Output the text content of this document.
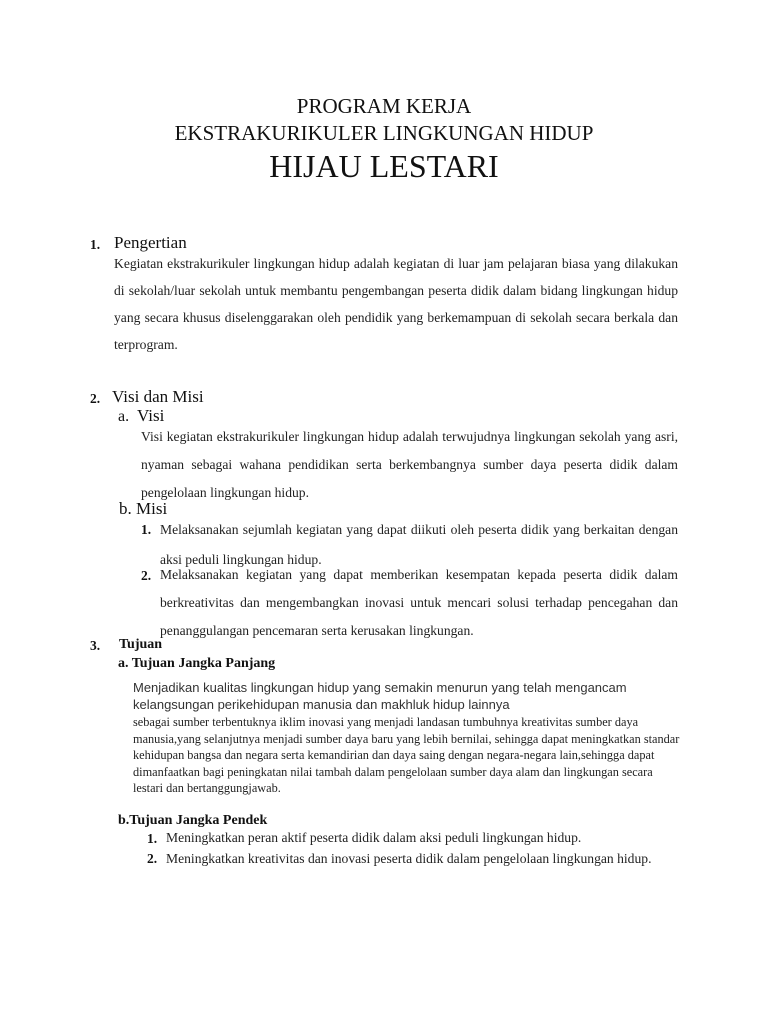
PROGRAM KERJA
EKSTRAKURIKULER LINGKUNGAN HIDUP
HIJAU LESTARI
1. Pengertian
Kegiatan ekstrakurikuler lingkungan hidup adalah kegiatan di luar jam pelajaran biasa yang dilakukan di sekolah/luar sekolah untuk membantu pengembangan peserta didik dalam bidang lingkungan hidup yang secara khusus diselenggarakan oleh pendidik yang berkemampuan di sekolah secara berkala dan terprogram.
2. Visi dan Misi
a. Visi
Visi kegiatan ekstrakurikuler lingkungan hidup adalah terwujudnya lingkungan sekolah yang asri, nyaman sebagai wahana pendidikan serta berkembangnya sumber daya peserta didik dalam pengelolaan lingkungan hidup.
b. Misi
1. Melaksanakan sejumlah kegiatan yang dapat diikuti oleh peserta didik yang berkaitan dengan aksi peduli lingkungan hidup.
2. Melaksanakan kegiatan yang dapat memberikan kesempatan kepada peserta didik dalam berkreativitas dan mengembangkan inovasi untuk mencari solusi terhadap pencegahan dan penanggulangan pencemaran serta kerusakan lingkungan.
3. Tujuan
a. Tujuan Jangka Panjang
Menjadikan kualitas lingkungan hidup yang semakin menurun yang telah mengancam kelangsungan perikehidupan manusia dan makhluk hidup lainnya
sebagai sumber terbentuknya iklim inovasi yang menjadi landasan tumbuhnya kreativitas sumber daya manusia,yang selanjutnya menjadi sumber daya baru yang lebih bernilai, sehingga dapat meningkatkan standar kehidupan bangsa dan negara serta kemandirian dan daya saing dengan negara-negara lain,sehingga dapat dimanfaatkan bagi peningkatan nilai tambah dalam pengelolaan sumber daya alam dan lingkungan secara lestari dan bertanggungjawab.
b.Tujuan Jangka Pendek
1. Meningkatkan peran aktif peserta didik dalam aksi peduli lingkungan hidup.
2. Meningkatkan kreativitas dan inovasi peserta didik dalam pengelolaan lingkungan hidup.
